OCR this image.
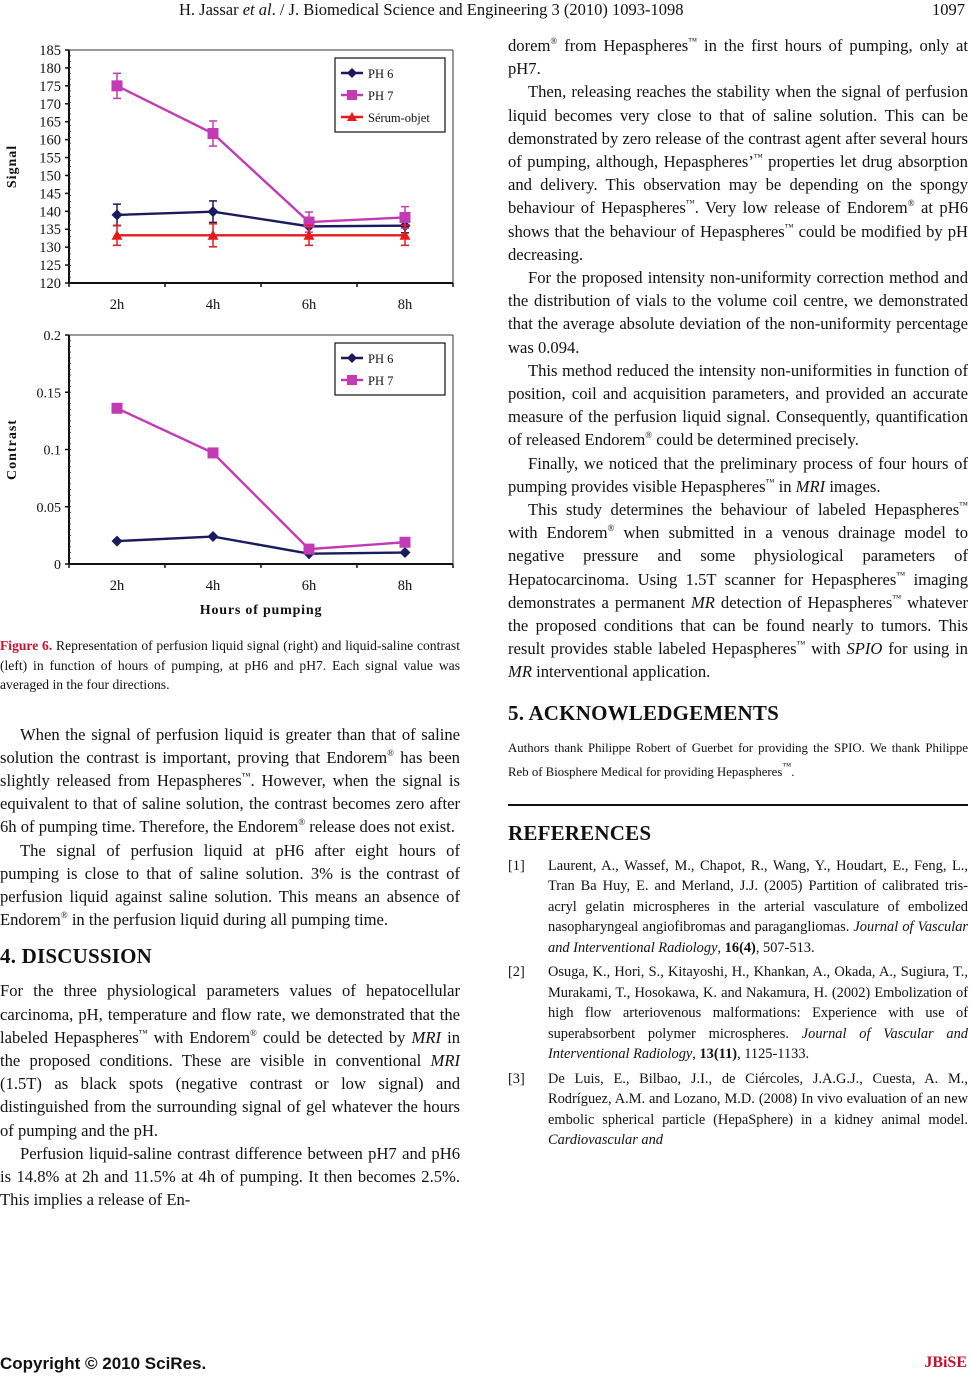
H. Jassar et al. / J. Biomedical Science and Engineering 3 (2010) 1093-1098	1097
120
125
130
135
140
145
150
155
160
165
170
175
180
185
2h	4h	6h	8h
Signal
PH 6
PH 7
Sérum-objet
0
0.05
0.1
0.15
0.2
2h	4h	6h	8h
Contrast
Hours of pumping
PH 6
PH 7

Figure 6. Representation of perfusion liquid signal (right) and liquid-saline contrast (left) in function of hours of pumping, at pH6 and pH7. Each signal value was averaged in the four directions.

When the signal of perfusion liquid is greater than that of saline solution the contrast is important, proving that Endorem® has been slightly released from Hepaspheres™. However, when the signal is equivalent to that of saline solution, the contrast becomes zero after 6h of pumping time. Therefore, the Endorem® release does not exist.

The signal of perfusion liquid at pH6 after eight hours of pumping is close to that of saline solution. 3% is the contrast of perfusion liquid against saline solution. This means an absence of Endorem® in the perfusion liquid during all pumping time.

4. DISCUSSION

For the three physiological parameters values of hepatocellular carcinoma, pH, temperature and flow rate, we demonstrated that the labeled Hepaspheres™ with Endorem® could be detected by MRI in the proposed conditions. These are visible in conventional MRI (1.5T) as black spots (negative contrast or low signal) and distinguished from the surrounding signal of gel whatever the hours of pumping and the pH.

Perfusion liquid-saline contrast difference between pH7 and pH6 is 14.8% at 2h and 11.5% at 4h of pumping. It then becomes 2.5%. This implies a release of En-

dorem® from Hepaspheres™ in the first hours of pumping, only at pH7.

Then, releasing reaches the stability when the signal of perfusion liquid becomes very close to that of saline solution. This can be demonstrated by zero release of the contrast agent after several hours of pumping, although, Hepaspheres’™ properties let drug absorption and delivery. This observation may be depending on the spongy behaviour of Hepaspheres™. Very low release of Endorem® at pH6 shows that the behaviour of Hepaspheres™ could be modified by pH decreasing.

For the proposed intensity non-uniformity correction method and the distribution of vials to the volume coil centre, we demonstrated that the average absolute deviation of the non-uniformity percentage was 0.094.

This method reduced the intensity non-uniformities in function of position, coil and acquisition parameters, and provided an accurate measure of the perfusion liquid signal. Consequently, quantification of released Endorem® could be determined precisely.

Finally, we noticed that the preliminary process of four hours of pumping provides visible Hepaspheres™ in MRI images.

This study determines the behaviour of labeled Hepaspheres™ with Endorem® when submitted in a venous drainage model to negative pressure and some physiological parameters of Hepatocarcinoma. Using 1.5T scanner for Hepaspheres™ imaging demonstrates a permanent MR detection of Hepaspheres™ whatever the proposed conditions that can be found nearly to tumors. This result provides stable labeled Hepaspheres™ with SPIO for using in MR interventional application.

5. ACKNOWLEDGEMENTS
Authors thank Philippe Robert of Guerbet for providing the SPIO. We thank Philippe Reb of Biosphere Medical for providing Hepaspheres™.
REFERENCES
[1]	Laurent, A., Wassef, M., Chapot, R., Wang, Y., Houdart, E., Feng, L., Tran Ba Huy, E. and Merland, J.J. (2005) Partition of calibrated tris-acryl gelatin microspheres in the arterial vasculature of embolized nasopharyngeal angiofibromas and paragangliomas. Journal of Vascular and Interventional Radiology, 16(4), 507-513.
[2]	Osuga, K., Hori, S., Kitayoshi, H., Khankan, A., Okada, A., Sugiura, T., Murakami, T., Hosokawa, K. and Nakamura, H. (2002) Embolization of high flow arteriovenous malformations: Experience with use of superabsorbent polymer microspheres. Journal of Vascular and Interventional Radiology, 13(11), 1125-1133.
[3]	De Luis, E., Bilbao, J.I., de Ciércoles, J.A.G.J., Cuesta, A. M., Rodríguez, A.M. and Lozano, M.D. (2008) In vivo evaluation of an new embolic spherical particle (HepaSphere) in a kidney animal model. Cardiovascular and
Copyright © 2010 SciRes.	JBiSE
